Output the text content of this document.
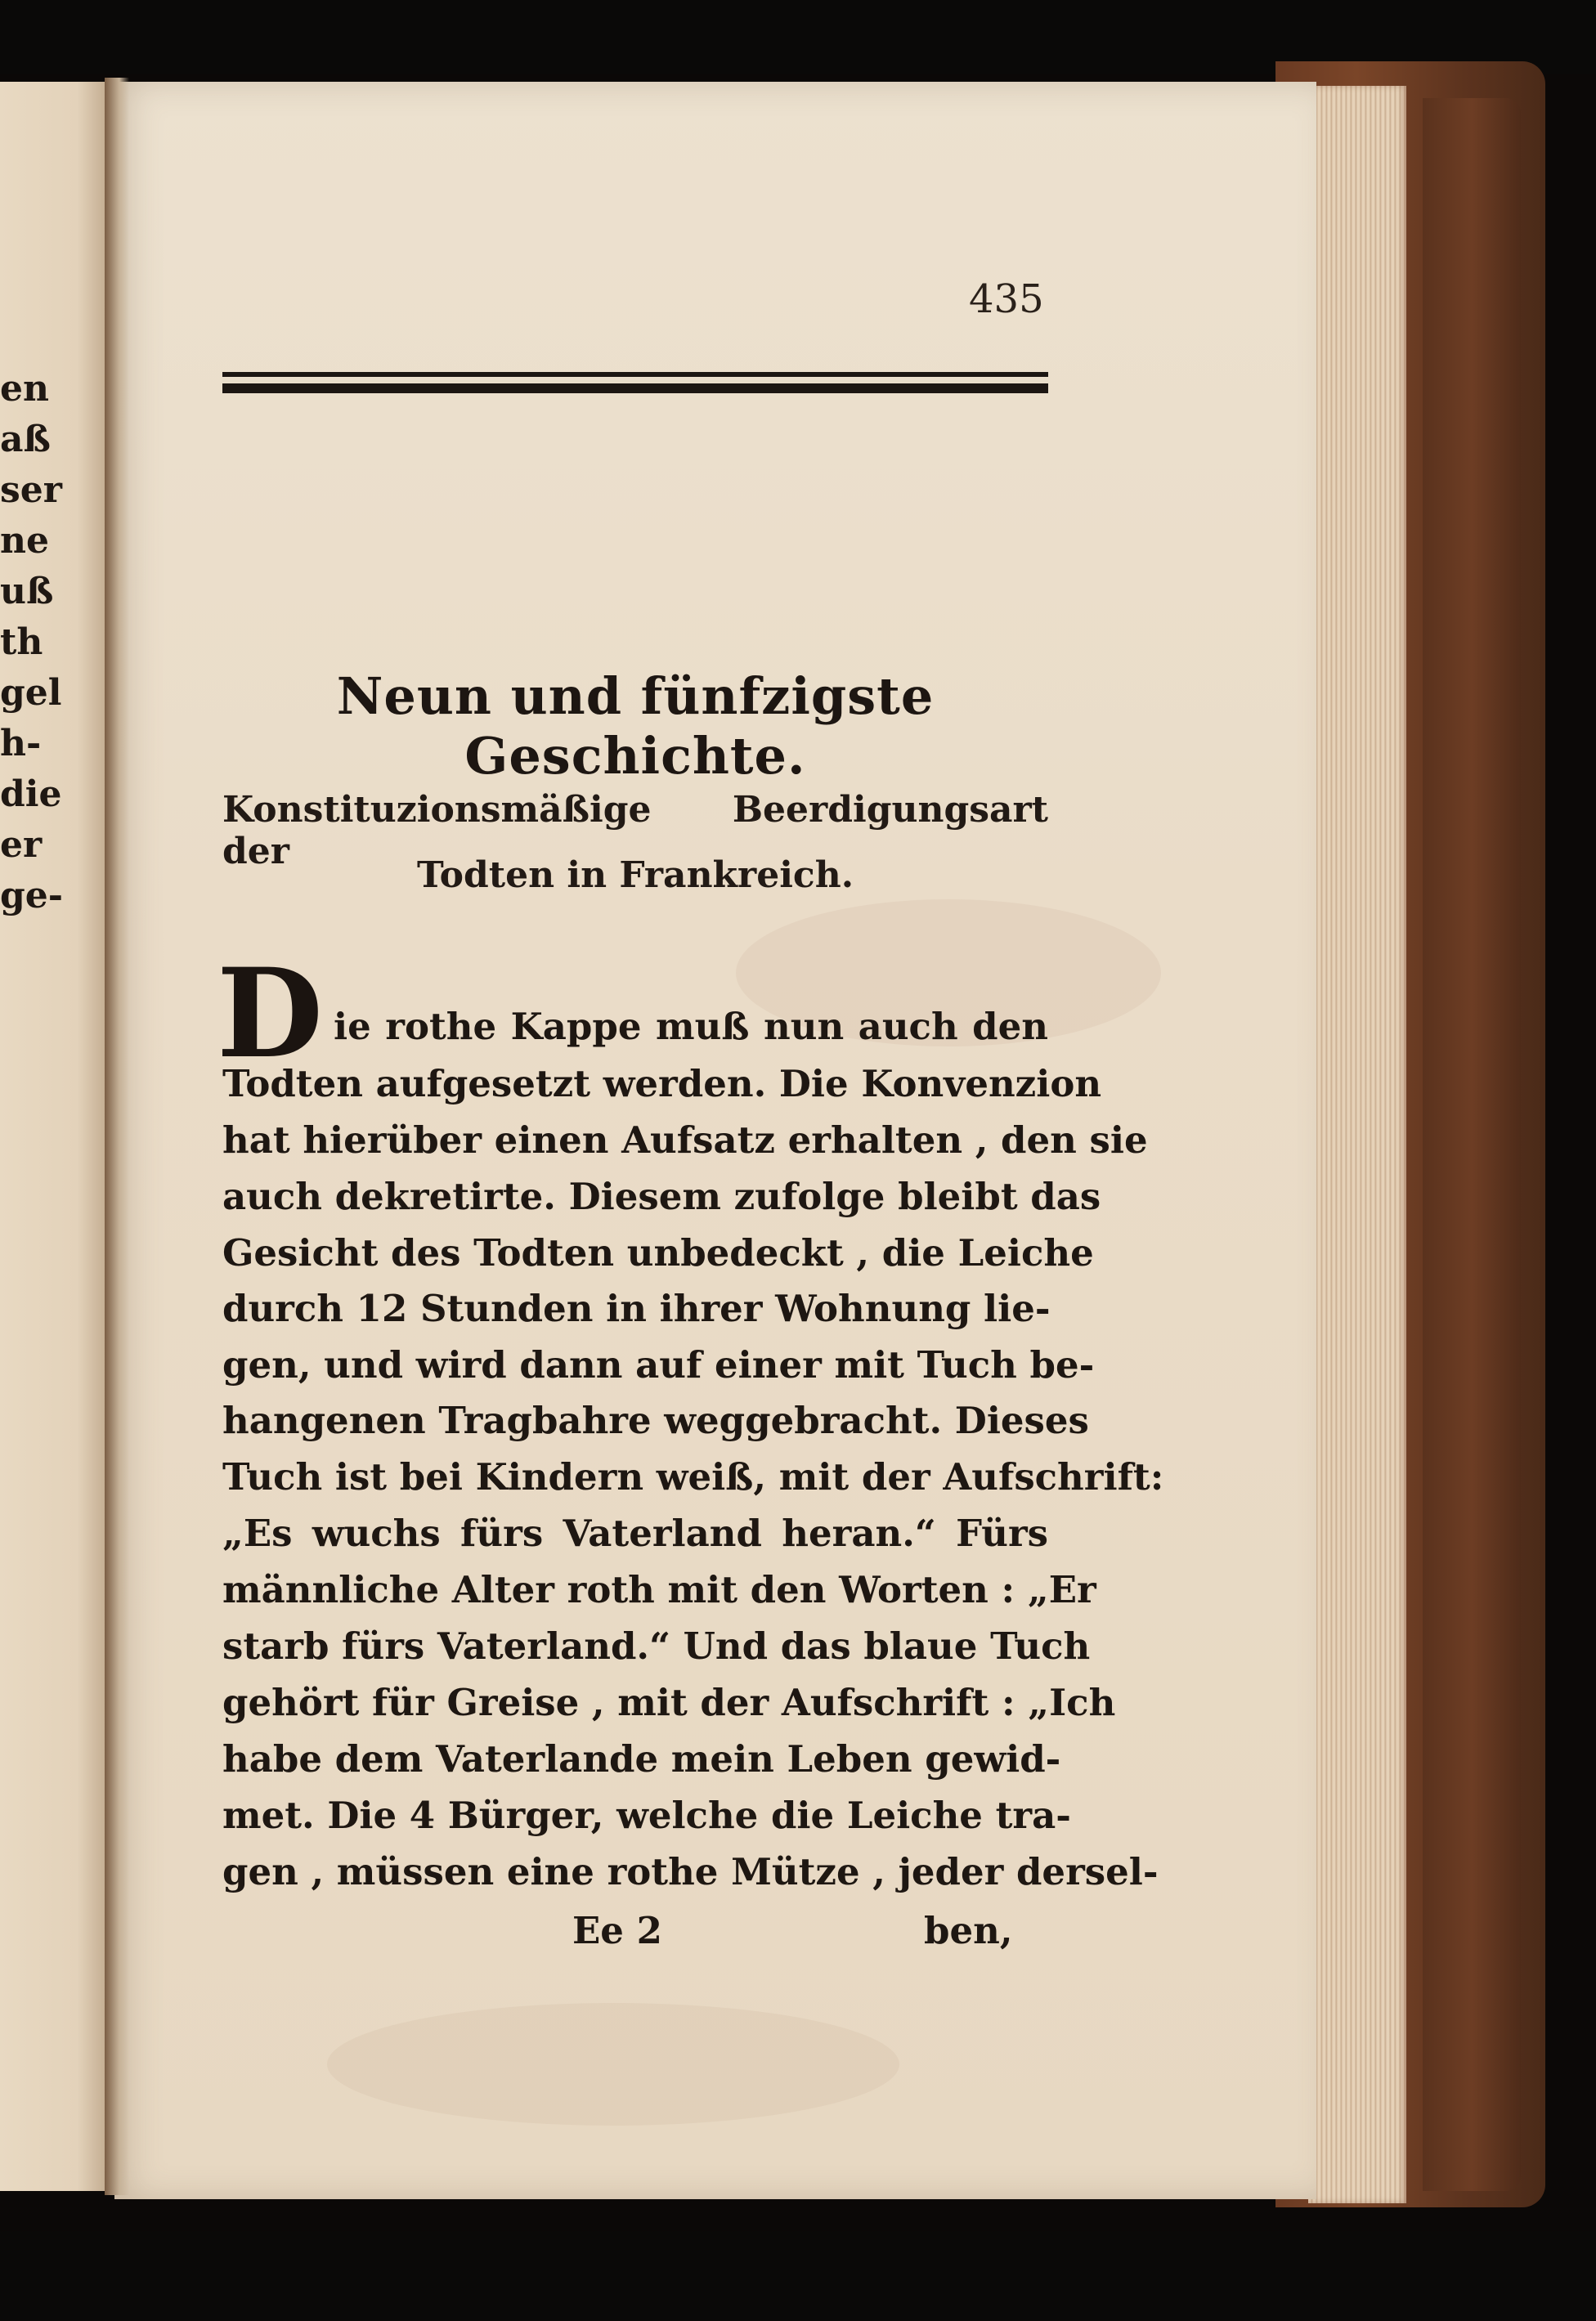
en
aß
ser
ne
uß
th
gel
h-
die
er
ge-
435
Neun und fünfzigste Geschichte.
Konstituzionsmäßige Beerdigungsart der
Todten in Frankreich.
D ie rothe Kappe muß nun auch den
Todten aufgesetzt werden. Die Konvenzion
hat hierüber einen Aufsatz erhalten , den sie
auch dekretirte. Diesem zufolge bleibt das
Gesicht des Todten unbedeckt , die Leiche
durch 12 Stunden in ihrer Wohnung lie-
gen, und wird dann auf einer mit Tuch be-
hangenen Tragbahre weggebracht. Dieses
Tuch ist bei Kindern weiß, mit der Aufschrift:
„Es wuchs fürs Vaterland heran.“ Fürs
männliche Alter roth mit den Worten : „Er
starb fürs Vaterland.“ Und das blaue Tuch
gehört für Greise , mit der Aufschrift : „Ich
habe dem Vaterlande mein Leben gewid-
met. Die 4 Bürger, welche die Leiche tra-
gen , müssen eine rothe Mütze , jeder dersel-
Ee 2	ben,
